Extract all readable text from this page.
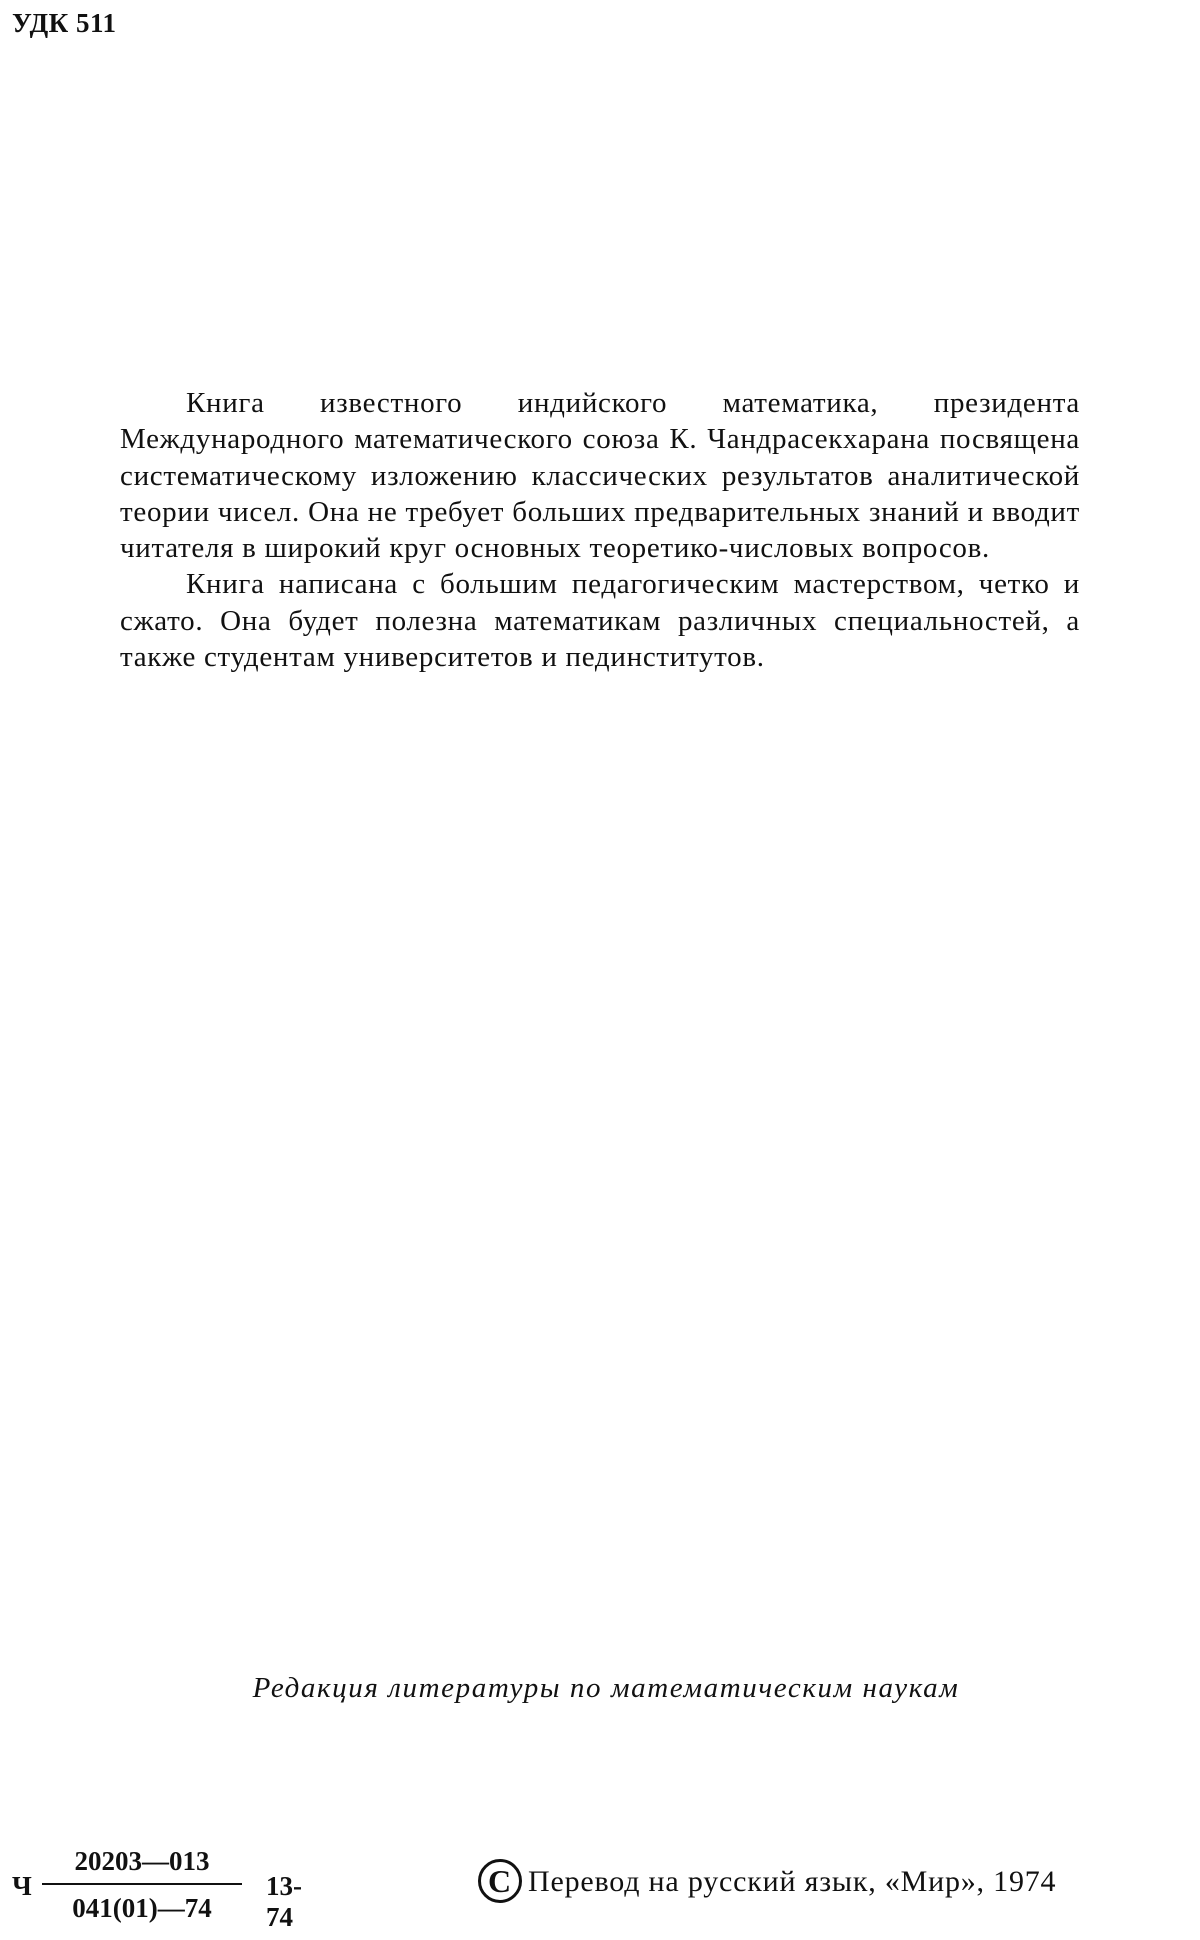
УДК 511

Книга известного индийского математика, президента Международного математического союза К. Чандрасекхарана посвящена систематическому изложению классических результатов аналитической теории чисел. Она не требует больших предварительных знаний и вводит читателя в широкий круг основных теоретико-числовых вопросов.

Книга написана с большим педагогическим мастерством, четко и сжато. Она будет полезна математикам различных специальностей, а также студентам университетов и пединститутов.

Редакция литературы по математическим наукам
Ч $\frac{20203—013}{041(01)—74} 13-74$
C Перевод на русский язык, «Мир», 1974
